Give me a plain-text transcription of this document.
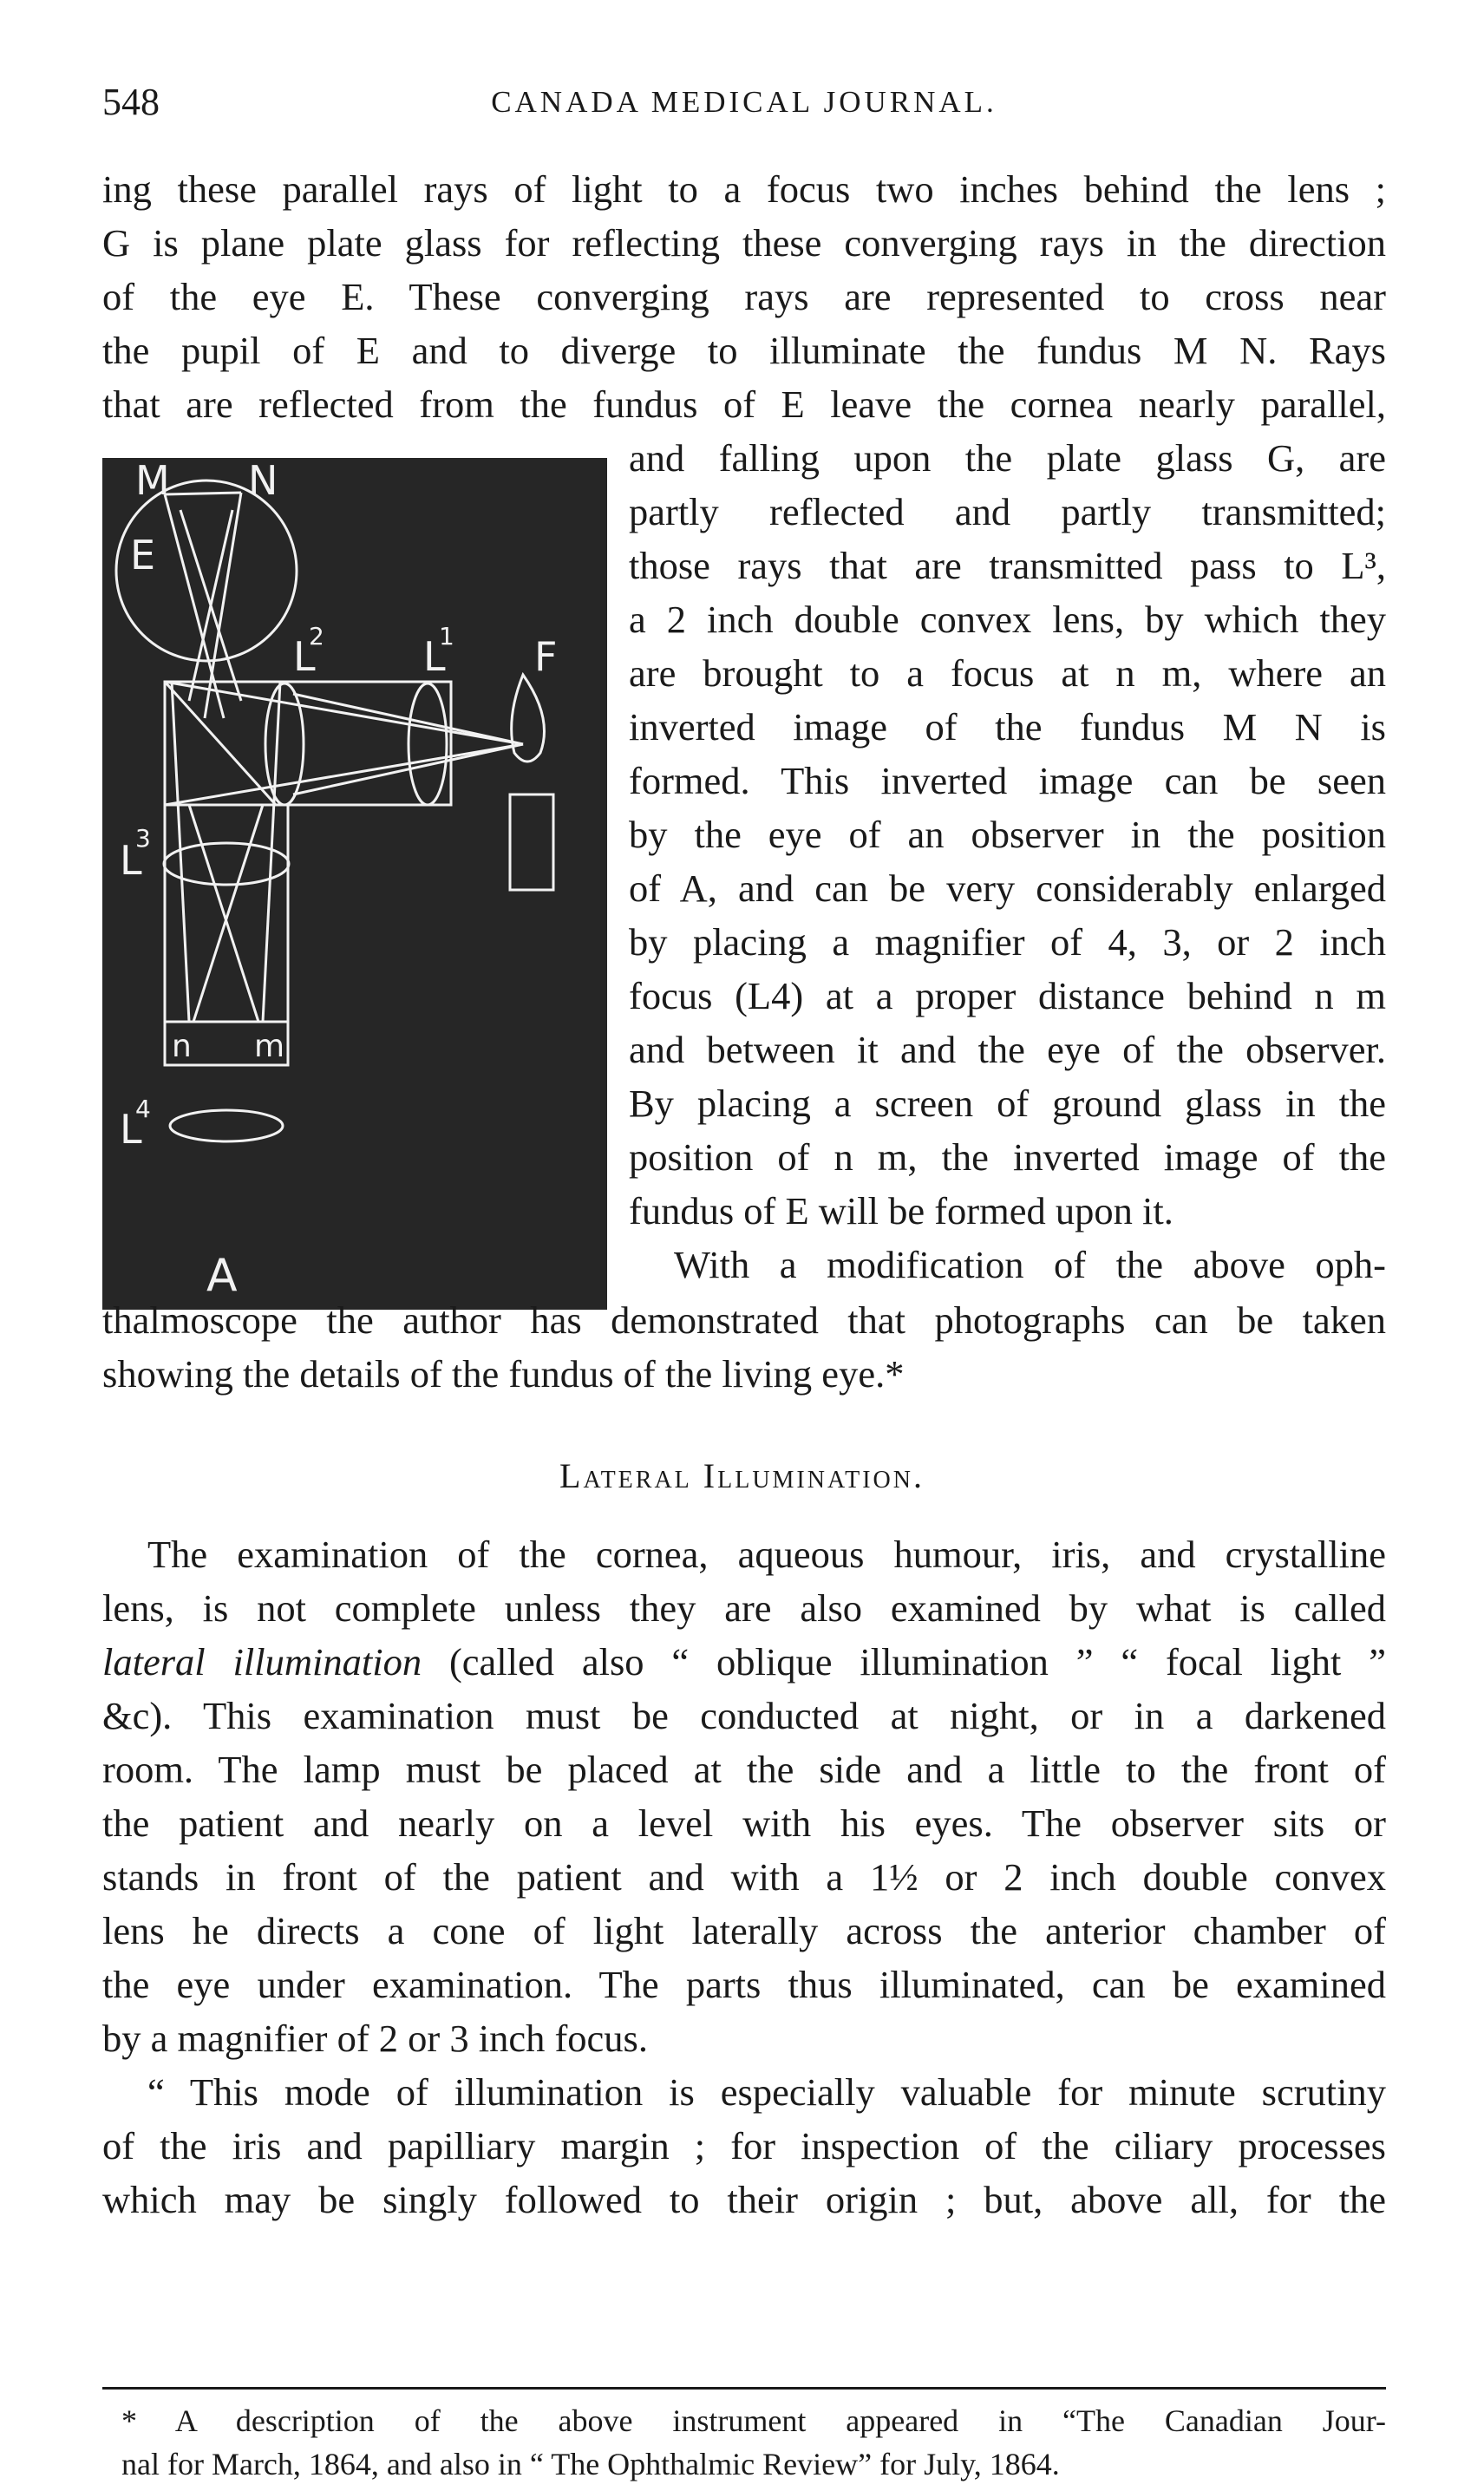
548	CANADA MEDICAL JOURNAL.
ing these parallel rays of light to a focus two inches behind the lens ;
G is plane plate glass for reflecting these converging rays in the direction
of the eye E. These converging rays are represented to cross near
the pupil of E and to diverge to illuminate the fundus M N. Rays
that are reflected from the fundus of E leave the cornea nearly parallel,
M N
E
L
2 L
1 F
L
3
n m
L
4
A
and falling upon the plate glass G, are
partly reflected and partly transmitted;
those rays that are transmitted pass to L³,
a 2 inch double convex lens, by which they
are brought to a focus at n m, where an
inverted image of the fundus M N is
formed. This inverted image can be seen
by the eye of an observer in the position
of A, and can be very considerably enlarged
by placing a magnifier of 4, 3, or 2 inch
focus (L4) at a proper distance behind n m
and between it and the eye of the observer.
By placing a screen of ground glass in the
position of n m, the inverted image of the
fundus of E will be formed upon it.
With a modification of the above oph-
thalmoscope the author has demonstrated that photographs can be taken
showing the details of the fundus of the living eye.*
Lateral Illumination.
The examination of the cornea, aqueous humour, iris, and crystalline
lens, is not complete unless they are also examined by what is called
lateral illumination (called also “ oblique illumination ” “ focal light ”
&c). This examination must be conducted at night, or in a darkened
room. The lamp must be placed at the side and a little to the front of
the patient and nearly on a level with his eyes. The observer sits or
stands in front of the patient and with a 1½ or 2 inch double convex
lens he directs a cone of light laterally across the anterior chamber of
the eye under examination. The parts thus illuminated, can be examined
by a magnifier of 2 or 3 inch focus.
“ This mode of illumination is especially valuable for minute scrutiny
of the iris and papilliary margin ; for inspection of the ciliary processes
which may be singly followed to their origin ; but, above all, for the
* A description of the above instrument appeared in “The Canadian Jour-
nal for March, 1864, and also in “ The Ophthalmic Review” for July, 1864.
